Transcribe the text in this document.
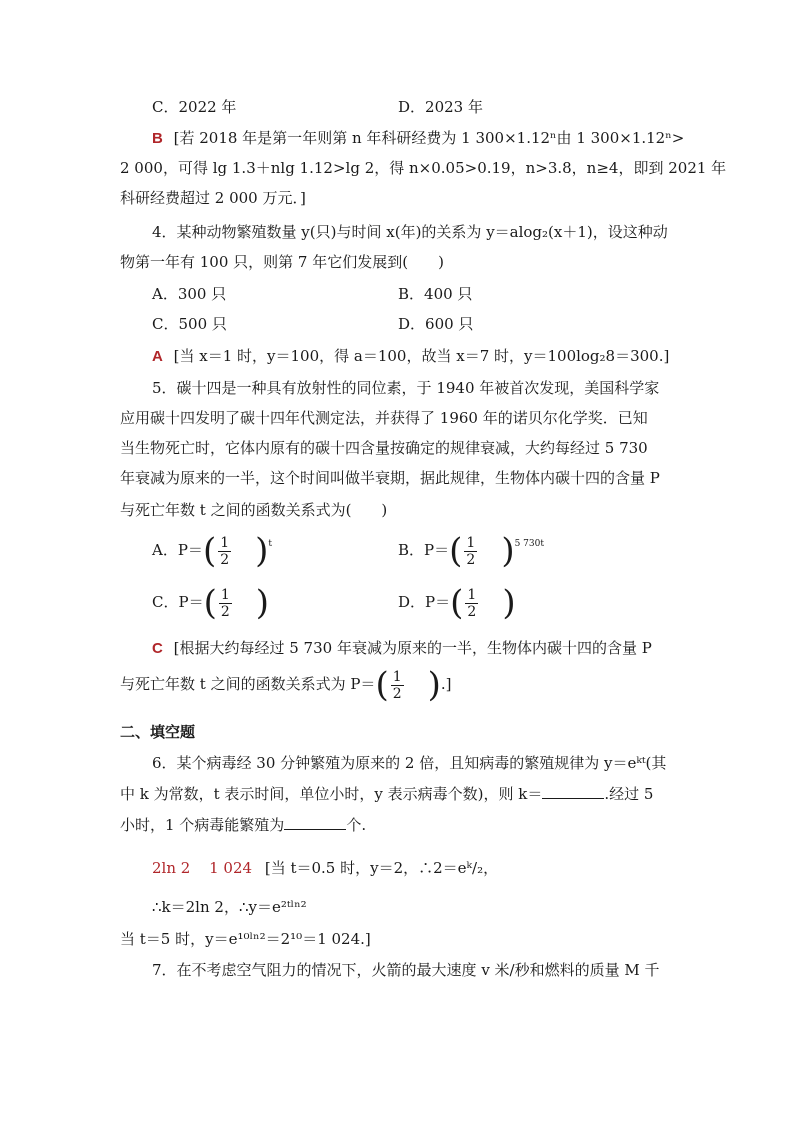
C．2022 年	D．2023 年
B [若 2018 年是第一年则第 n 年科研经费为 1 300×1.12ⁿ由 1 300×1.12ⁿ>
2 000，可得 lg 1.3＋nlg 1.12>lg 2，得 n×0.05>0.19，n>3.8，n≥4，即到 2021 年
科研经费超过 2 000 万元．]
4．某种动物繁殖数量 y(只)与时间 x(年)的关系为 y＝alog₂(x＋1)，设这种动
物第一年有 100 只，则第 7 年它们发展到(　　)
A．300 只	B．400 只
C．500 只	D．600 只
A [当 x＝1 时，y＝100，得 a＝100，故当 x＝7 时，y＝100log₂8＝300.]
5．碳十四是一种具有放射性的同位素，于 1940 年被首次发现，美国科学家
应用碳十四发明了碳十四年代测定法，并获得了 1960 年的诺贝尔化学奖．已知
当生物死亡时，它体内原有的碳十四含量按确定的规律衰减，大约每经过 5 730
年衰减为原来的一半，这个时间叫做半衰期，据此规律，生物体内碳十四的含量 P
与死亡年数 t 之间的函数关系式为(　　)
A．$P=( \frac{1}{2} )^t$	B．$P=( \frac{1}{2} )^{5 730t}$
C．$P=( \frac{1}{2}$ )	D．$P=( \frac{1}{2}$ )
C [根据大约每经过 5 730 年衰减为原来的一半，生物体内碳十四的含量 P
与死亡年数 t 之间的函数关系式为 $P=( \frac{1}{2}$ ).]
二、填空题
6．某个病毒经 30 分钟繁殖为原来的 2 倍，且知病毒的繁殖规律为 y＝eᵏᵗ(其
中 k 为常数，t 表示时间，单位小时，y 表示病毒个数)，则 k＝	.经过 5
小时，1 个病毒能繁殖为	个.
2ln 2 1 024 [当 t＝0.5 时，y＝2，∴2＝eᵏ/₂，
∴k＝2ln 2，∴y＝e²ᵗˡⁿ²
当 t＝5 时，y＝e¹⁰ˡⁿ²＝2¹⁰＝1 024.]
7．在不考虑空气阻力的情况下，火箭的最大速度 v 米/秒和燃料的质量 M 千
